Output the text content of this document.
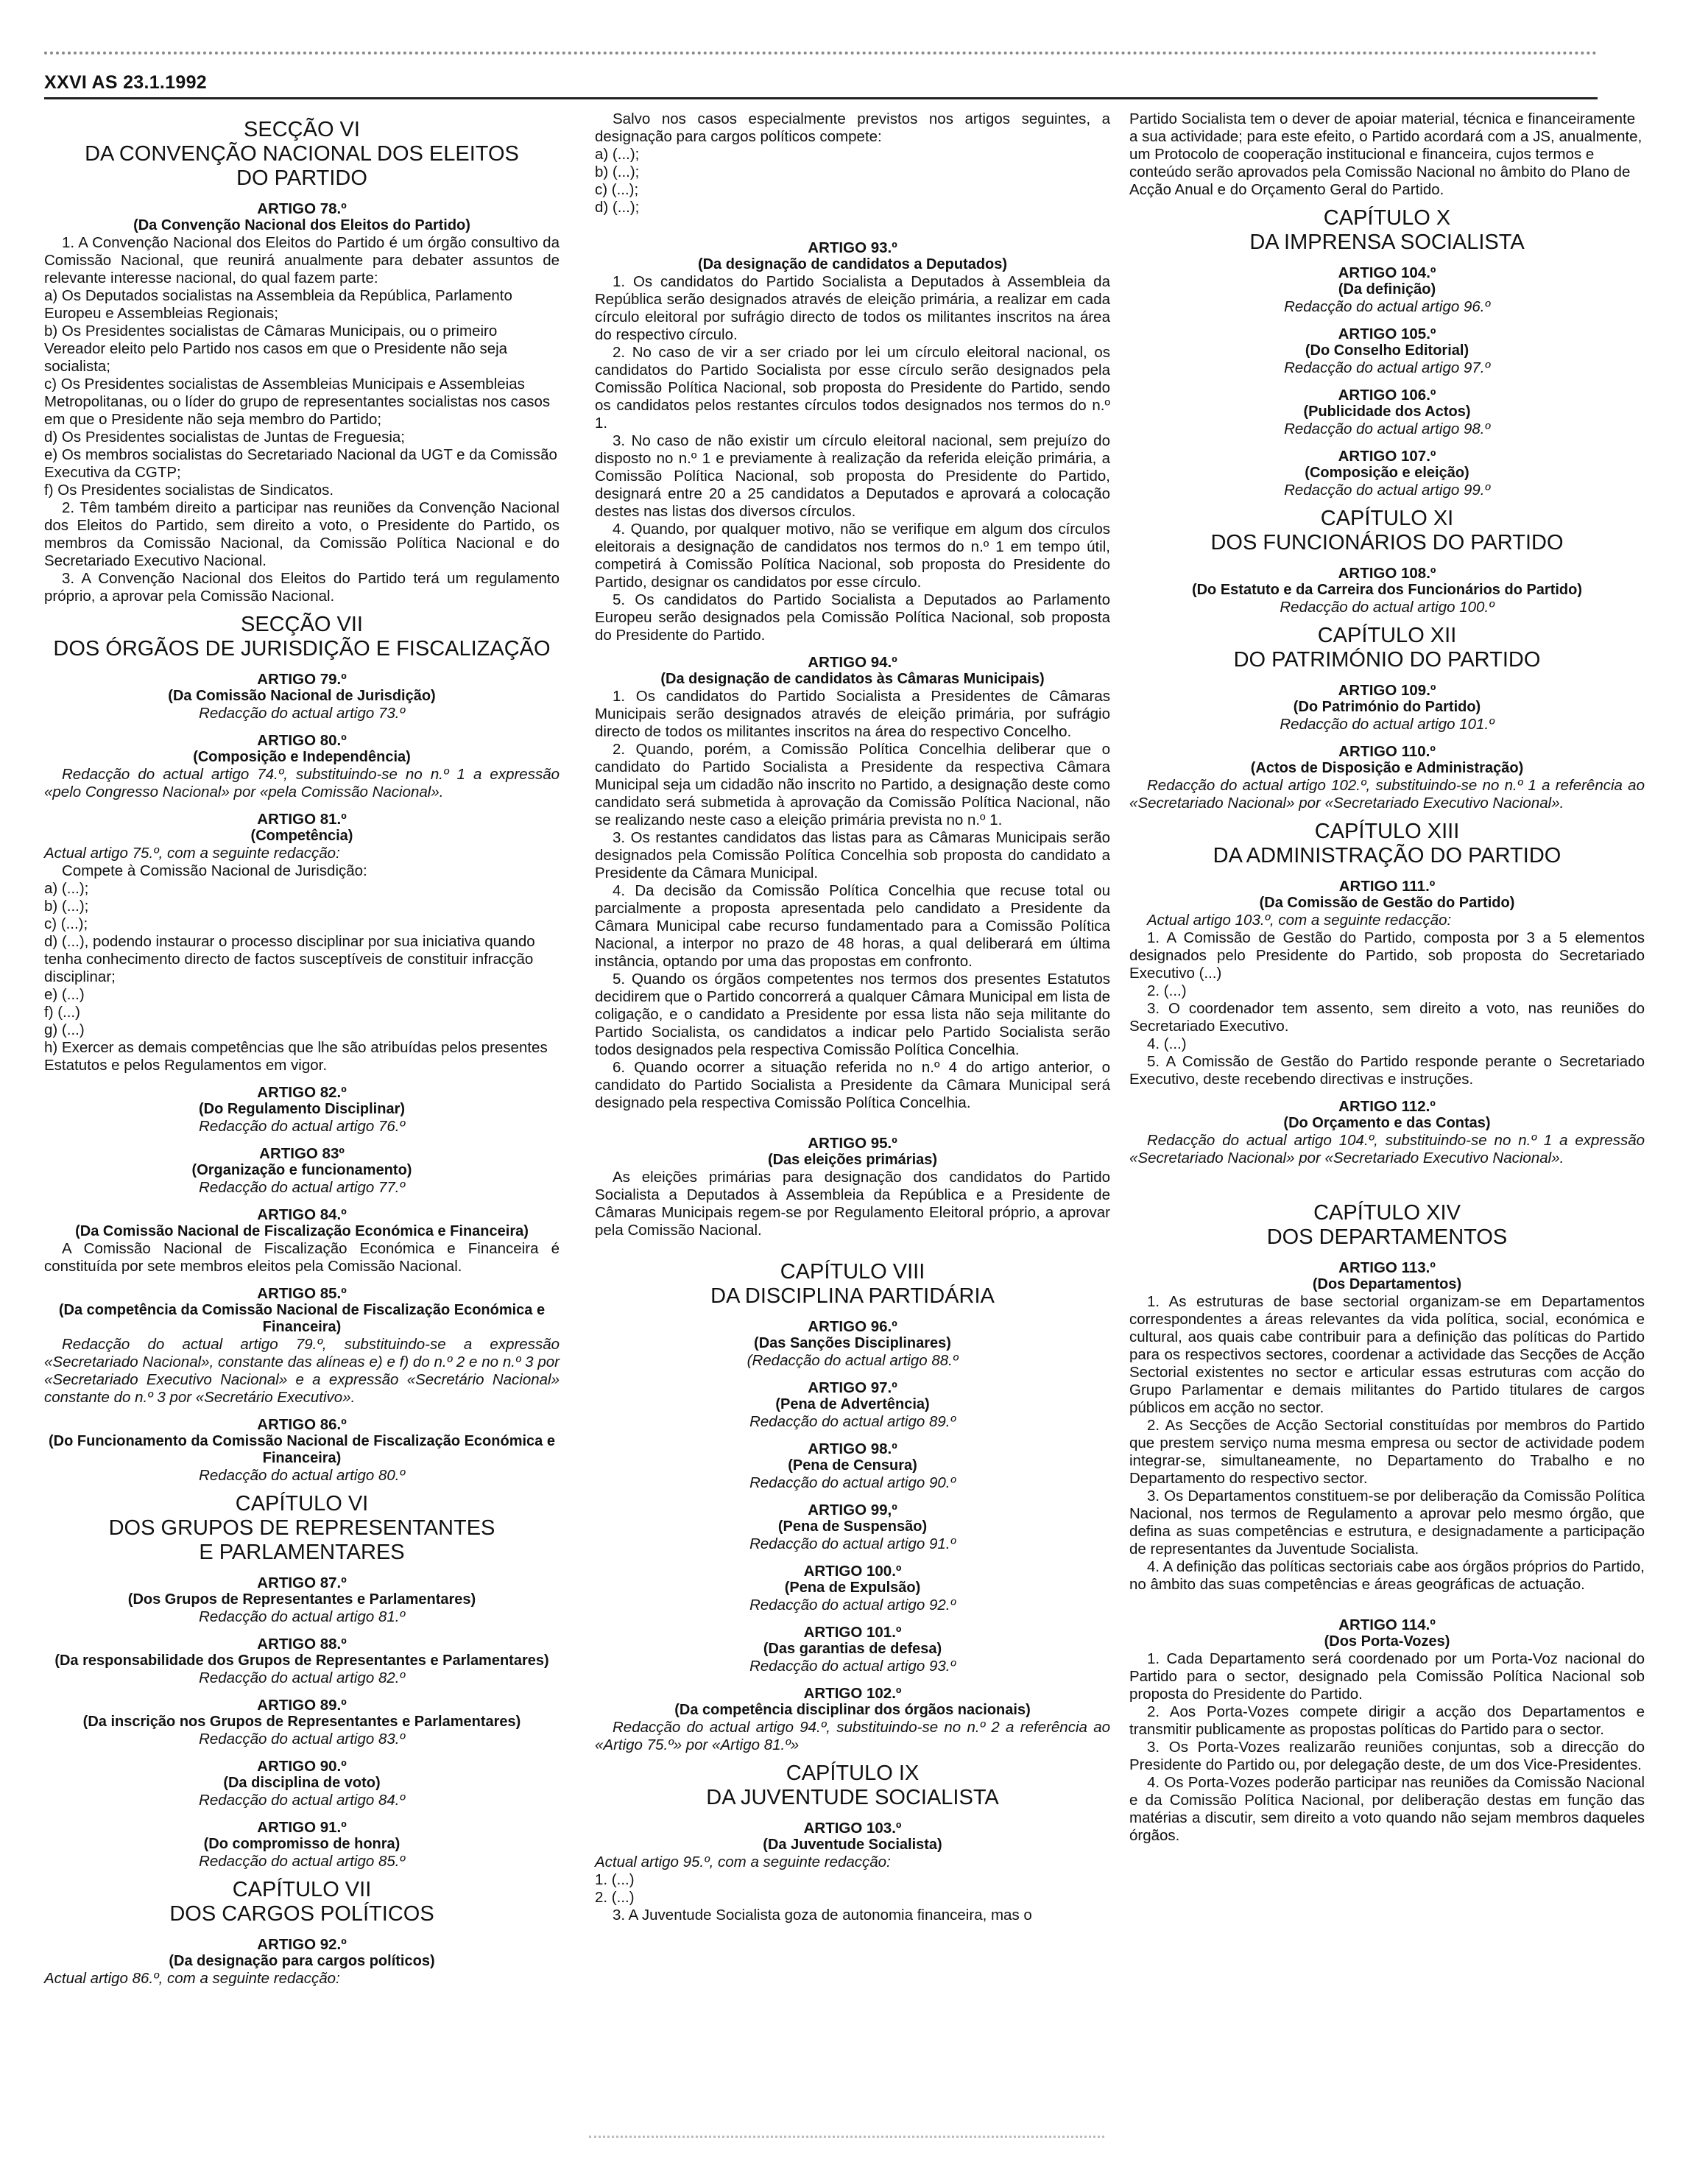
XXVI AS 23.1.1992
SECÇÃO VI
DA CONVENÇÃO NACIONAL DOS ELEITOS
DO PARTIDO
ARTIGO 78.º
(Da Convenção Nacional dos Eleitos do Partido)
1. A Convenção Nacional dos Eleitos do Partido é um órgão consultivo da Comissão Nacional, que reunirá anualmente para debater assuntos de relevante interesse nacional, do qual fazem parte:
a) Os Deputados socialistas na Assembleia da República, Parlamento Europeu e Assembleias Regionais;
b) Os Presidentes socialistas de Câmaras Municipais, ou o primeiro Vereador eleito pelo Partido nos casos em que o Presidente não seja socialista;
c) Os Presidentes socialistas de Assembleias Municipais e Assembleias Metropolitanas, ou o líder do grupo de representantes socialistas nos casos em que o Presidente não seja membro do Partido;
d) Os Presidentes socialistas de Juntas de Freguesia;
e) Os membros socialistas do Secretariado Nacional da UGT e da Comissão Executiva da CGTP;
f) Os Presidentes socialistas de Sindicatos.
2. Têm também direito a participar nas reuniões da Convenção Nacional dos Eleitos do Partido, sem direito a voto, o Presidente do Partido, os membros da Comissão Nacional, da Comissão Política Nacional e do Secretariado Executivo Nacional.
3. A Convenção Nacional dos Eleitos do Partido terá um regulamento próprio, a aprovar pela Comissão Nacional.
SECÇÃO VII
DOS ÓRGÃOS DE JURISDIÇÃO E FISCALIZAÇÃO
ARTIGO 79.º
(Da Comissão Nacional de Jurisdição)
Redacção do actual artigo 73.º
ARTIGO 80.º
(Composição e Independência)
Redacção do actual artigo 74.º, substituindo-se no n.º 1 a expressão «pelo Congresso Nacional» por «pela Comissão Nacional».
ARTIGO 81.º
(Competência)
Actual artigo 75.º, com a seguinte redacção:
Compete à Comissão Nacional de Jurisdição:
a) (...);
b) (...);
c) (...);
d) (...), podendo instaurar o processo disciplinar por sua iniciativa quando tenha conhecimento directo de factos susceptíveis de constituir infracção disciplinar;
e) (...)
f) (...)
g) (...)
h) Exercer as demais competências que lhe são atribuídas pelos presentes Estatutos e pelos Regulamentos em vigor.
ARTIGO 82.º
(Do Regulamento Disciplinar)
Redacção do actual artigo 76.º
ARTIGO 83º
(Organização e funcionamento)
Redacção do actual artigo 77.º
ARTIGO 84.º
(Da Comissão Nacional de Fiscalização Económica e Financeira)
A Comissão Nacional de Fiscalização Económica e Financeira é constituída por sete membros eleitos pela Comissão Nacional.
ARTIGO 85.º
(Da competência da Comissão Nacional de Fiscalização Económica e Financeira)
Redacção do actual artigo 79.º, substituindo-se a expressão «Secretariado Nacional», constante das alíneas e) e f) do n.º 2 e no n.º 3 por «Secretariado Executivo Nacional» e a expressão «Secretário Nacional» constante do n.º 3 por «Secretário Executivo».
ARTIGO 86.º
(Do Funcionamento da Comissão Nacional de Fiscalização Económica e Financeira)
Redacção do actual artigo 80.º
CAPÍTULO VI
DOS GRUPOS DE REPRESENTANTES
E PARLAMENTARES
ARTIGO 87.º
(Dos Grupos de Representantes e Parlamentares)
Redacção do actual artigo 81.º
ARTIGO 88.º
(Da responsabilidade dos Grupos de Representantes e Parlamentares)
Redacção do actual artigo 82.º
ARTIGO 89.º
(Da inscrição nos Grupos de Representantes e Parlamentares)
Redacção do actual artigo 83.º
ARTIGO 90.º
(Da disciplina de voto)
Redacção do actual artigo 84.º
ARTIGO 91.º
(Do compromisso de honra)
Redacção do actual artigo 85.º
CAPÍTULO VII
DOS CARGOS POLÍTICOS
ARTIGO 92.º
(Da designação para cargos políticos)
Actual artigo 86.º, com a seguinte redacção:
Salvo nos casos especialmente previstos nos artigos seguintes, a designação para cargos políticos compete:
a) (...);
b) (...);
c) (...);
d) (...);
ARTIGO 93.º
(Da designação de candidatos a Deputados)
1. Os candidatos do Partido Socialista a Deputados à Assembleia da República serão designados através de eleição primária, a realizar em cada círculo eleitoral por sufrágio directo de todos os militantes inscritos na área do respectivo círculo.
2. No caso de vir a ser criado por lei um círculo eleitoral nacional, os candidatos do Partido Socialista por esse círculo serão designados pela Comissão Política Nacional, sob proposta do Presidente do Partido, sendo os candidatos pelos restantes círculos todos designados nos termos do n.º 1.
3. No caso de não existir um círculo eleitoral nacional, sem prejuízo do disposto no n.º 1 e previamente à realização da referida eleição primária, a Comissão Política Nacional, sob proposta do Presidente do Partido, designará entre 20 a 25 candidatos a Deputados e aprovará a colocação destes nas listas dos diversos círculos.
4. Quando, por qualquer motivo, não se verifique em algum dos círculos eleitorais a designação de candidatos nos termos do n.º 1 em tempo útil, competirá à Comissão Política Nacional, sob proposta do Presidente do Partido, designar os candidatos por esse círculo.
5. Os candidatos do Partido Socialista a Deputados ao Parlamento Europeu serão designados pela Comissão Política Nacional, sob proposta do Presidente do Partido.
ARTIGO 94.º
(Da designação de candidatos às Câmaras Municipais)
1. Os candidatos do Partido Socialista a Presidentes de Câmaras Municipais serão designados através de eleição primária, por sufrágio directo de todos os militantes inscritos na área do respectivo Concelho.
2. Quando, porém, a Comissão Política Concelhia deliberar que o candidato do Partido Socialista a Presidente da respectiva Câmara Municipal seja um cidadão não inscrito no Partido, a designação deste como candidato será submetida à aprovação da Comissão Política Nacional, não se realizando neste caso a eleição primária prevista no n.º 1.
3. Os restantes candidatos das listas para as Câmaras Municipais serão designados pela Comissão Política Concelhia sob proposta do candidato a Presidente da Câmara Municipal.
4. Da decisão da Comissão Política Concelhia que recuse total ou parcialmente a proposta apresentada pelo candidato a Presidente da Câmara Municipal cabe recurso fundamentado para a Comissão Política Nacional, a interpor no prazo de 48 horas, a qual deliberará em última instância, optando por uma das propostas em confronto.
5. Quando os órgãos competentes nos termos dos presentes Estatutos decidirem que o Partido concorrerá a qualquer Câmara Municipal em lista de coligação, e o candidato a Presidente por essa lista não seja militante do Partido Socialista, os candidatos a indicar pelo Partido Socialista serão todos designados pela respectiva Comissão Política Concelhia.
6. Quando ocorrer a situação referida no n.º 4 do artigo anterior, o candidato do Partido Socialista a Presidente da Câmara Municipal será designado pela respectiva Comissão Política Concelhia.
ARTIGO 95.º
(Das eleições primárias)
As eleições primárias para designação dos candidatos do Partido Socialista a Deputados à Assembleia da República e a Presidente de Câmaras Municipais regem-se por Regulamento Eleitoral próprio, a aprovar pela Comissão Nacional.
CAPÍTULO VIII
DA DISCIPLINA PARTIDÁRIA
ARTIGO 96.º
(Das Sanções Disciplinares)
(Redacção do actual artigo 88.º
ARTIGO 97.º
(Pena de Advertência)
Redacção do actual artigo 89.º
ARTIGO 98.º
(Pena de Censura)
Redacção do actual artigo 90.º
ARTIGO 99,º
(Pena de Suspensão)
Redacção do actual artigo 91.º
ARTIGO 100.º
(Pena de Expulsão)
Redacção do actual artigo 92.º
ARTIGO 101.º
(Das garantias de defesa)
Redacção do actual artigo 93.º
ARTIGO 102.º
(Da competência disciplinar dos órgãos nacionais)
Redacção do actual artigo 94.º, substituindo-se no n.º 2 a referência ao «Artigo 75.º» por «Artigo 81.º»
CAPÍTULO IX
DA JUVENTUDE SOCIALISTA
ARTIGO 103.º
(Da Juventude Socialista)
Actual artigo 95.º, com a seguinte redacção:
1. (...)
2. (...)
3. A Juventude Socialista goza de autonomia financeira, mas o
Partido Socialista tem o dever de apoiar material, técnica e financeiramente a sua actividade; para este efeito, o Partido acordará com a JS, anualmente, um Protocolo de cooperação institucional e financeira, cujos termos e conteúdo serão aprovados pela Comissão Nacional no âmbito do Plano de Acção Anual e do Orçamento Geral do Partido.
CAPÍTULO X
DA IMPRENSA SOCIALISTA
ARTIGO 104.º
(Da definição)
Redacção do actual artigo 96.º
ARTIGO 105.º
(Do Conselho Editorial)
Redacção do actual artigo 97.º
ARTIGO 106.º
(Publicidade dos Actos)
Redacção do actual artigo 98.º
ARTIGO 107.º
(Composição e eleição)
Redacção do actual artigo 99.º
CAPÍTULO XI
DOS FUNCIONÁRIOS DO PARTIDO
ARTIGO 108.º
(Do Estatuto e da Carreira dos Funcionários do Partido)
Redacção do actual artigo 100.º
CAPÍTULO XII
DO PATRIMÓNIO DO PARTIDO
ARTIGO 109.º
(Do Património do Partido)
Redacção do actual artigo 101.º
ARTIGO 110.º
(Actos de Disposição e Administração)
Redacção do actual artigo 102.º, substituindo-se no n.º 1 a referência ao «Secretariado Nacional» por «Secretariado Executivo Nacional».
CAPÍTULO XIII
DA ADMINISTRAÇÃO DO PARTIDO
ARTIGO 111.º
(Da Comissão de Gestão do Partido)
Actual artigo 103.º, com a seguinte redacção:
1. A Comissão de Gestão do Partido, composta por 3 a 5 elementos designados pelo Presidente do Partido, sob proposta do Secretariado Executivo (...)
2. (...)
3. O coordenador tem assento, sem direito a voto, nas reuniões do Secretariado Executivo.
4. (...)
5. A Comissão de Gestão do Partido responde perante o Secretariado Executivo, deste recebendo directivas e instruções.
ARTIGO 112.º
(Do Orçamento e das Contas)
Redacção do actual artigo 104.º, substituindo-se no n.º 1 a expressão «Secretariado Nacional» por «Secretariado Executivo Nacional».
CAPÍTULO XIV
DOS DEPARTAMENTOS
ARTIGO 113.º
(Dos Departamentos)
1. As estruturas de base sectorial organizam-se em Departamentos correspondentes a áreas relevantes da vida política, social, económica e cultural, aos quais cabe contribuir para a definição das políticas do Partido para os respectivos sectores, coordenar a actividade das Secções de Acção Sectorial existentes no sector e articular essas estruturas com acção do Grupo Parlamentar e demais militantes do Partido titulares de cargos públicos em acção no sector.
2. As Secções de Acção Sectorial constituídas por membros do Partido que prestem serviço numa mesma empresa ou sector de actividade podem integrar-se, simultaneamente, no Departamento do Trabalho e no Departamento do respectivo sector.
3. Os Departamentos constituem-se por deliberação da Comissão Política Nacional, nos termos de Regulamento a aprovar pelo mesmo órgão, que defina as suas competências e estrutura, e designadamente a participação de representantes da Juventude Socialista.
4. A definição das políticas sectoriais cabe aos órgãos próprios do Partido, no âmbito das suas competências e áreas geográficas de actuação.
ARTIGO 114.º
(Dos Porta-Vozes)
1. Cada Departamento será coordenado por um Porta-Voz nacional do Partido para o sector, designado pela Comissão Política Nacional sob proposta do Presidente do Partido.
2. Aos Porta-Vozes compete dirigir a acção dos Departamentos e transmitir publicamente as propostas políticas do Partido para o sector.
3. Os Porta-Vozes realizarão reuniões conjuntas, sob a direcção do Presidente do Partido ou, por delegação deste, de um dos Vice-Presidentes.
4. Os Porta-Vozes poderão participar nas reuniões da Comissão Nacional e da Comissão Política Nacional, por deliberação destas em função das matérias a discutir, sem direito a voto quando não sejam membros daqueles órgãos.
